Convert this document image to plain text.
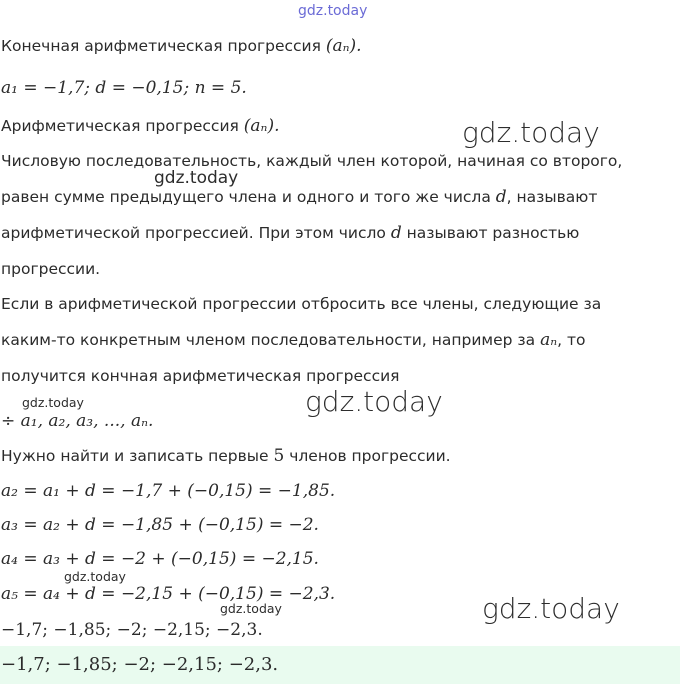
gdz.today
Конечная арифметическая прогрессия (aₙ).
a₁ = −1,7; d = −0,15; n = 5.
Арифметическая прогрессия (aₙ).	gdz.today
Числовую последовательность, каждый член которой, начиная со второго,
gdz.today
равен сумме предыдущего члена и одного и того же числа d, называют
арифметической прогрессией. При этом число d называют разностью
прогрессии.
Если в арифметической прогрессии отбросить все члены, следующие за
каким-то конкретным членом последовательности, например за aₙ, то
получится кончная арифметическая прогрессия
gdz.today
gdz.today
÷ a₁, a₂, a₃, ..., aₙ.
Нужно найти и записать первые 5 членов прогрессии.
a₂ = a₁ + d = −1,7 + (−0,15) = −1,85.
a₃ = a₂ + d = −1,85 + (−0,15) = −2.
a₄ = a₃ + d = −2 + (−0,15) = −2,15.
gdz.today
a₅ = a₄ + d = −2,15 + (−0,15) = −2,3.	gdz.today
gdz.today
−1,7; −1,85; −2; −2,15; −2,3.
−1,7; −1,85; −2; −2,15; −2,3.
